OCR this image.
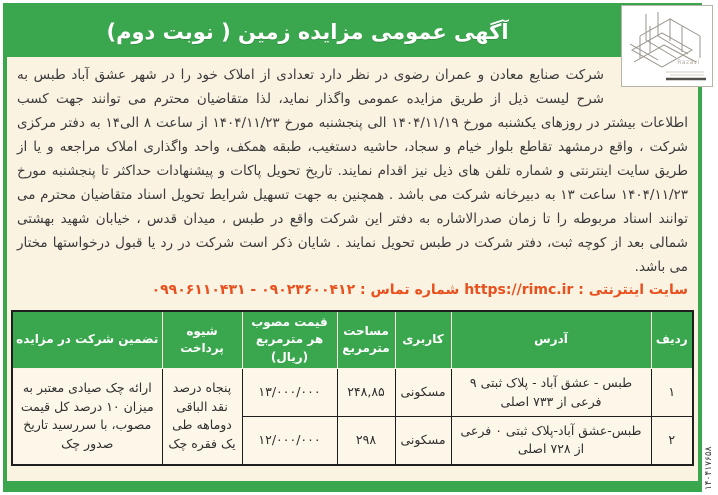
آگهی عمومی مزایده زمین ( نوبت دوم)
شرکت صنایع معادن و عمران رضوی در نظر دارد تعدادی از املاک خود را در شهر عشق آباد طبس به شرح لیست ذیل از طریق مزایده عمومی واگذار نماید، لذا متقاضیان محترم می توانند جهت کسب اطلاعات بیشتر در روزهای یکشنبه مورخ ۱۴۰۴/۱۱/۱۹ الی پنجشنبه مورخ ۱۴۰۴/۱۱/۲۳ از ساعت ۸ الی۱۴ به دفتر مرکزی شرکت ، واقع درمشهد تقاطع بلوار خیام و سجاد، حاشیه دستغیب، طبقه همکف، واحد واگذاری املاک مراجعه و یا از طریق سایت اینترنتی و شماره تلفن های ذیل نیز اقدام نمایند. تاریخ تحویل پاکات و پیشنهادات حداکثر تا پنجشنبه مورخ ۱۴۰۴/۱۱/۲۳ ساعت ۱۳ به دبیرخانه شرکت می باشد . همچنین به جهت تسهیل شرایط تحویل اسناد متقاضیان محترم می توانند اسناد مربوطه را تا زمان صدرالاشاره به دفتر این شرکت واقع در طبس ، میدان قدس ، خیابان شهید بهشتی شمالی بعد از کوچه ثبت، دفتر شرکت در طبس تحویل نمایند . شایان ذکر است شرکت در رد یا قبول درخواستها مختار می باشد.
سایت اینترنتی : https://rimc.ir شماره تماس : ۰۹۰۲۳۶۰۰۴۱۲ - ۰۹۹۰۶۱۱۰۴۳۱
ردیف	آدرس	کاربری	مساحت مترمربع	قیمت مصوب هر مترمربع (ریال)	شیوه پرداخت	تضمین شرکت در مزایده
۱	طبس - عشق آباد - پلاک ثبتی ۹ فرعی از ۷۳۳ اصلی	مسکونی	۲۴۸,۸۵	۱۳/۰۰۰/۰۰۰	پنجاه درصد نقد الباقی دوماهه طی یک فقره چک	ارائه چک صیادی معتبر به میزان ۱۰ درصد کل قیمت مصوب، با سررسید تاریخ صدور چک
۲	طبس-عشق آباد-پلاک ثبتی ۰ فرعی از ۷۲۸ اصلی	مسکونی	۲۹۸	۱۲/۰۰۰/۰۰۰		
Razavi
۱۴۰۴۱۷۶۵۸
